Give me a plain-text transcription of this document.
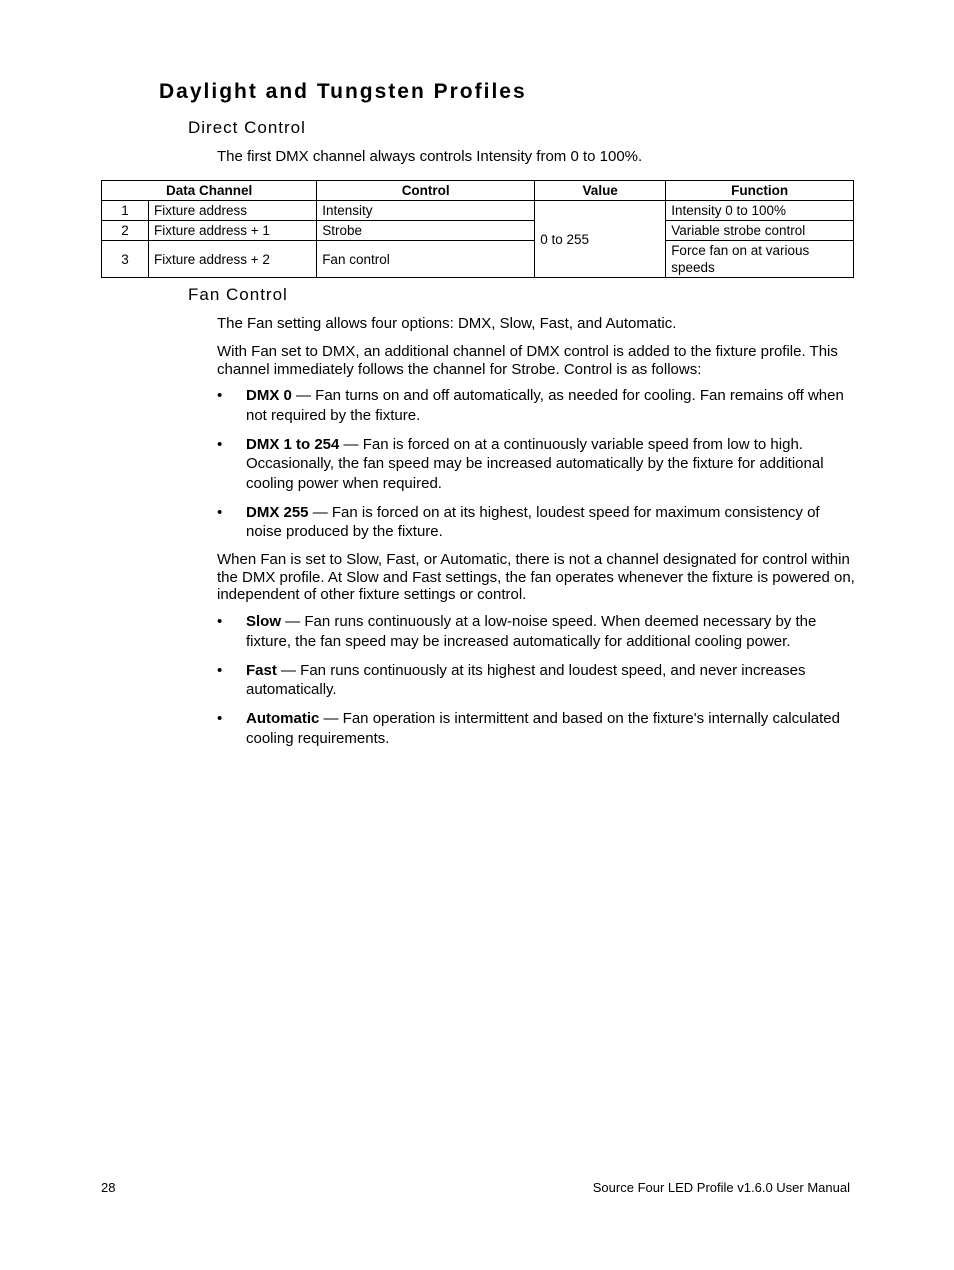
Daylight and Tungsten Profiles
Direct Control

The first DMX channel always controls Intensity from 0 to 100%.

Data Channel		Control	Value	Function
1	Fixture address	Intensity	0 to 255	Intensity 0 to 100%
2	Fixture address + 1	Strobe		Variable strobe control
3	Fixture address + 2	Fan control		Force fan on at various speeds
Fan Control

The Fan setting allows four options: DMX, Slow, Fast, and Automatic.

With Fan set to DMX, an additional channel of DMX control is added to the fixture profile. This channel immediately follows the channel for Strobe. Control is as follows:

• DMX 0 — Fan turns on and off automatically, as needed for cooling. Fan remains off when not required by the fixture.
• DMX 1 to 254 — Fan is forced on at a continuously variable speed from low to high. Occasionally, the fan speed may be increased automatically by the fixture for additional cooling power when required.
• DMX 255 — Fan is forced on at its highest, loudest speed for maximum consistency of noise produced by the fixture.

When Fan is set to Slow, Fast, or Automatic, there is not a channel designated for control within the DMX profile. At Slow and Fast settings, the fan operates whenever the fixture is powered on, independent of other fixture settings or control.

• Slow — Fan runs continuously at a low-noise speed. When deemed necessary by the fixture, the fan speed may be increased automatically for additional cooling power.
• Fast — Fan runs continuously at its highest and loudest speed, and never increases automatically.
• Automatic — Fan operation is intermittent and based on the fixture's internally calculated cooling requirements.
28	Source Four LED Profile v1.6.0 User Manual
